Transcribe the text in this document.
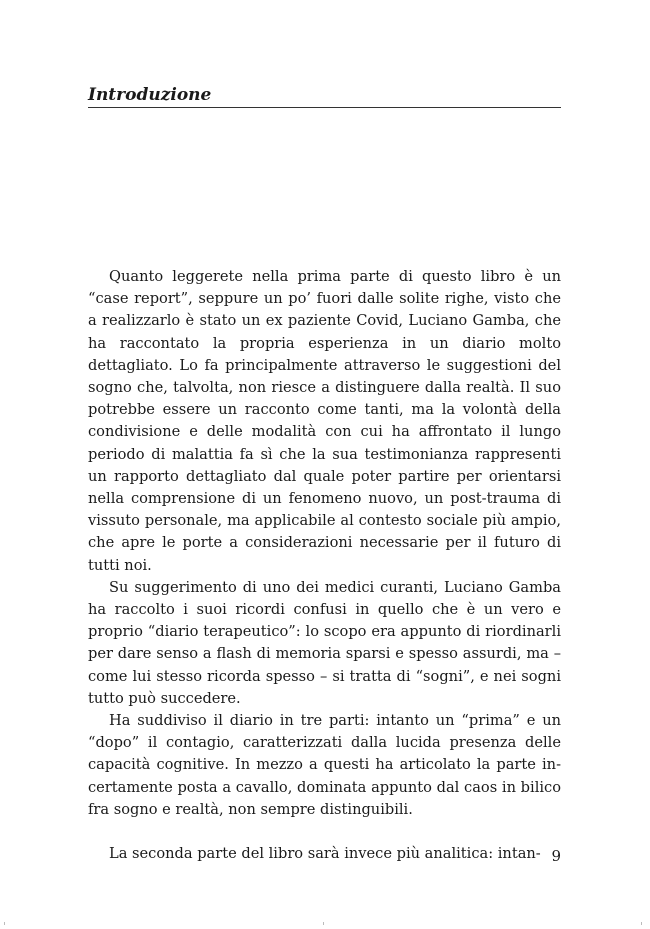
Introduzione

Quanto leggerete nella prima parte di questo libro è un “case report”, seppure un po’ fuori dalle solite righe, visto che a realizzarlo è stato un ex paziente Covid, Luciano Gamba, che ha raccontato la propria esperienza in un diario molto dettagliato. Lo fa principalmente attraverso le suggestioni del sogno che, talvolta, non riesce a distinguere dalla realtà. Il suo potrebbe essere un racconto come tanti, ma la volontà della condivisione e delle modalità con cui ha affrontato il lungo periodo di malattia fa sì che la sua testimonianza rappresenti un rapporto dettagliato dal quale poter partire per orientarsi nella comprensione di un fenomeno nuovo, un post-trauma di vissuto personale, ma applicabile al contesto sociale più ampio, che apre le porte a considerazioni necessarie per il futuro di tutti noi.

Su suggerimento di uno dei medici curanti, Luciano Gamba ha raccolto i suoi ricordi confusi in quello che è un vero e proprio “diario terapeutico”: lo scopo era appunto di riordinarli per dare senso a flash di memoria sparsi e spesso assurdi, ma – come lui stesso ricorda spesso – si tratta di “sogni”, e nei sogni tutto può succedere.

Ha suddiviso il diario in tre parti: intanto un “prima” e un “dopo” il contagio, caratterizzati dalla lucida presenza delle capacità cognitive. In mezzo a questi ha articolato la parte incertamente posta a cavallo, dominata appunto dal caos in bilico fra sogno e realtà, non sempre distinguibili.

La seconda parte del libro sarà invece più analitica: intan- 9
